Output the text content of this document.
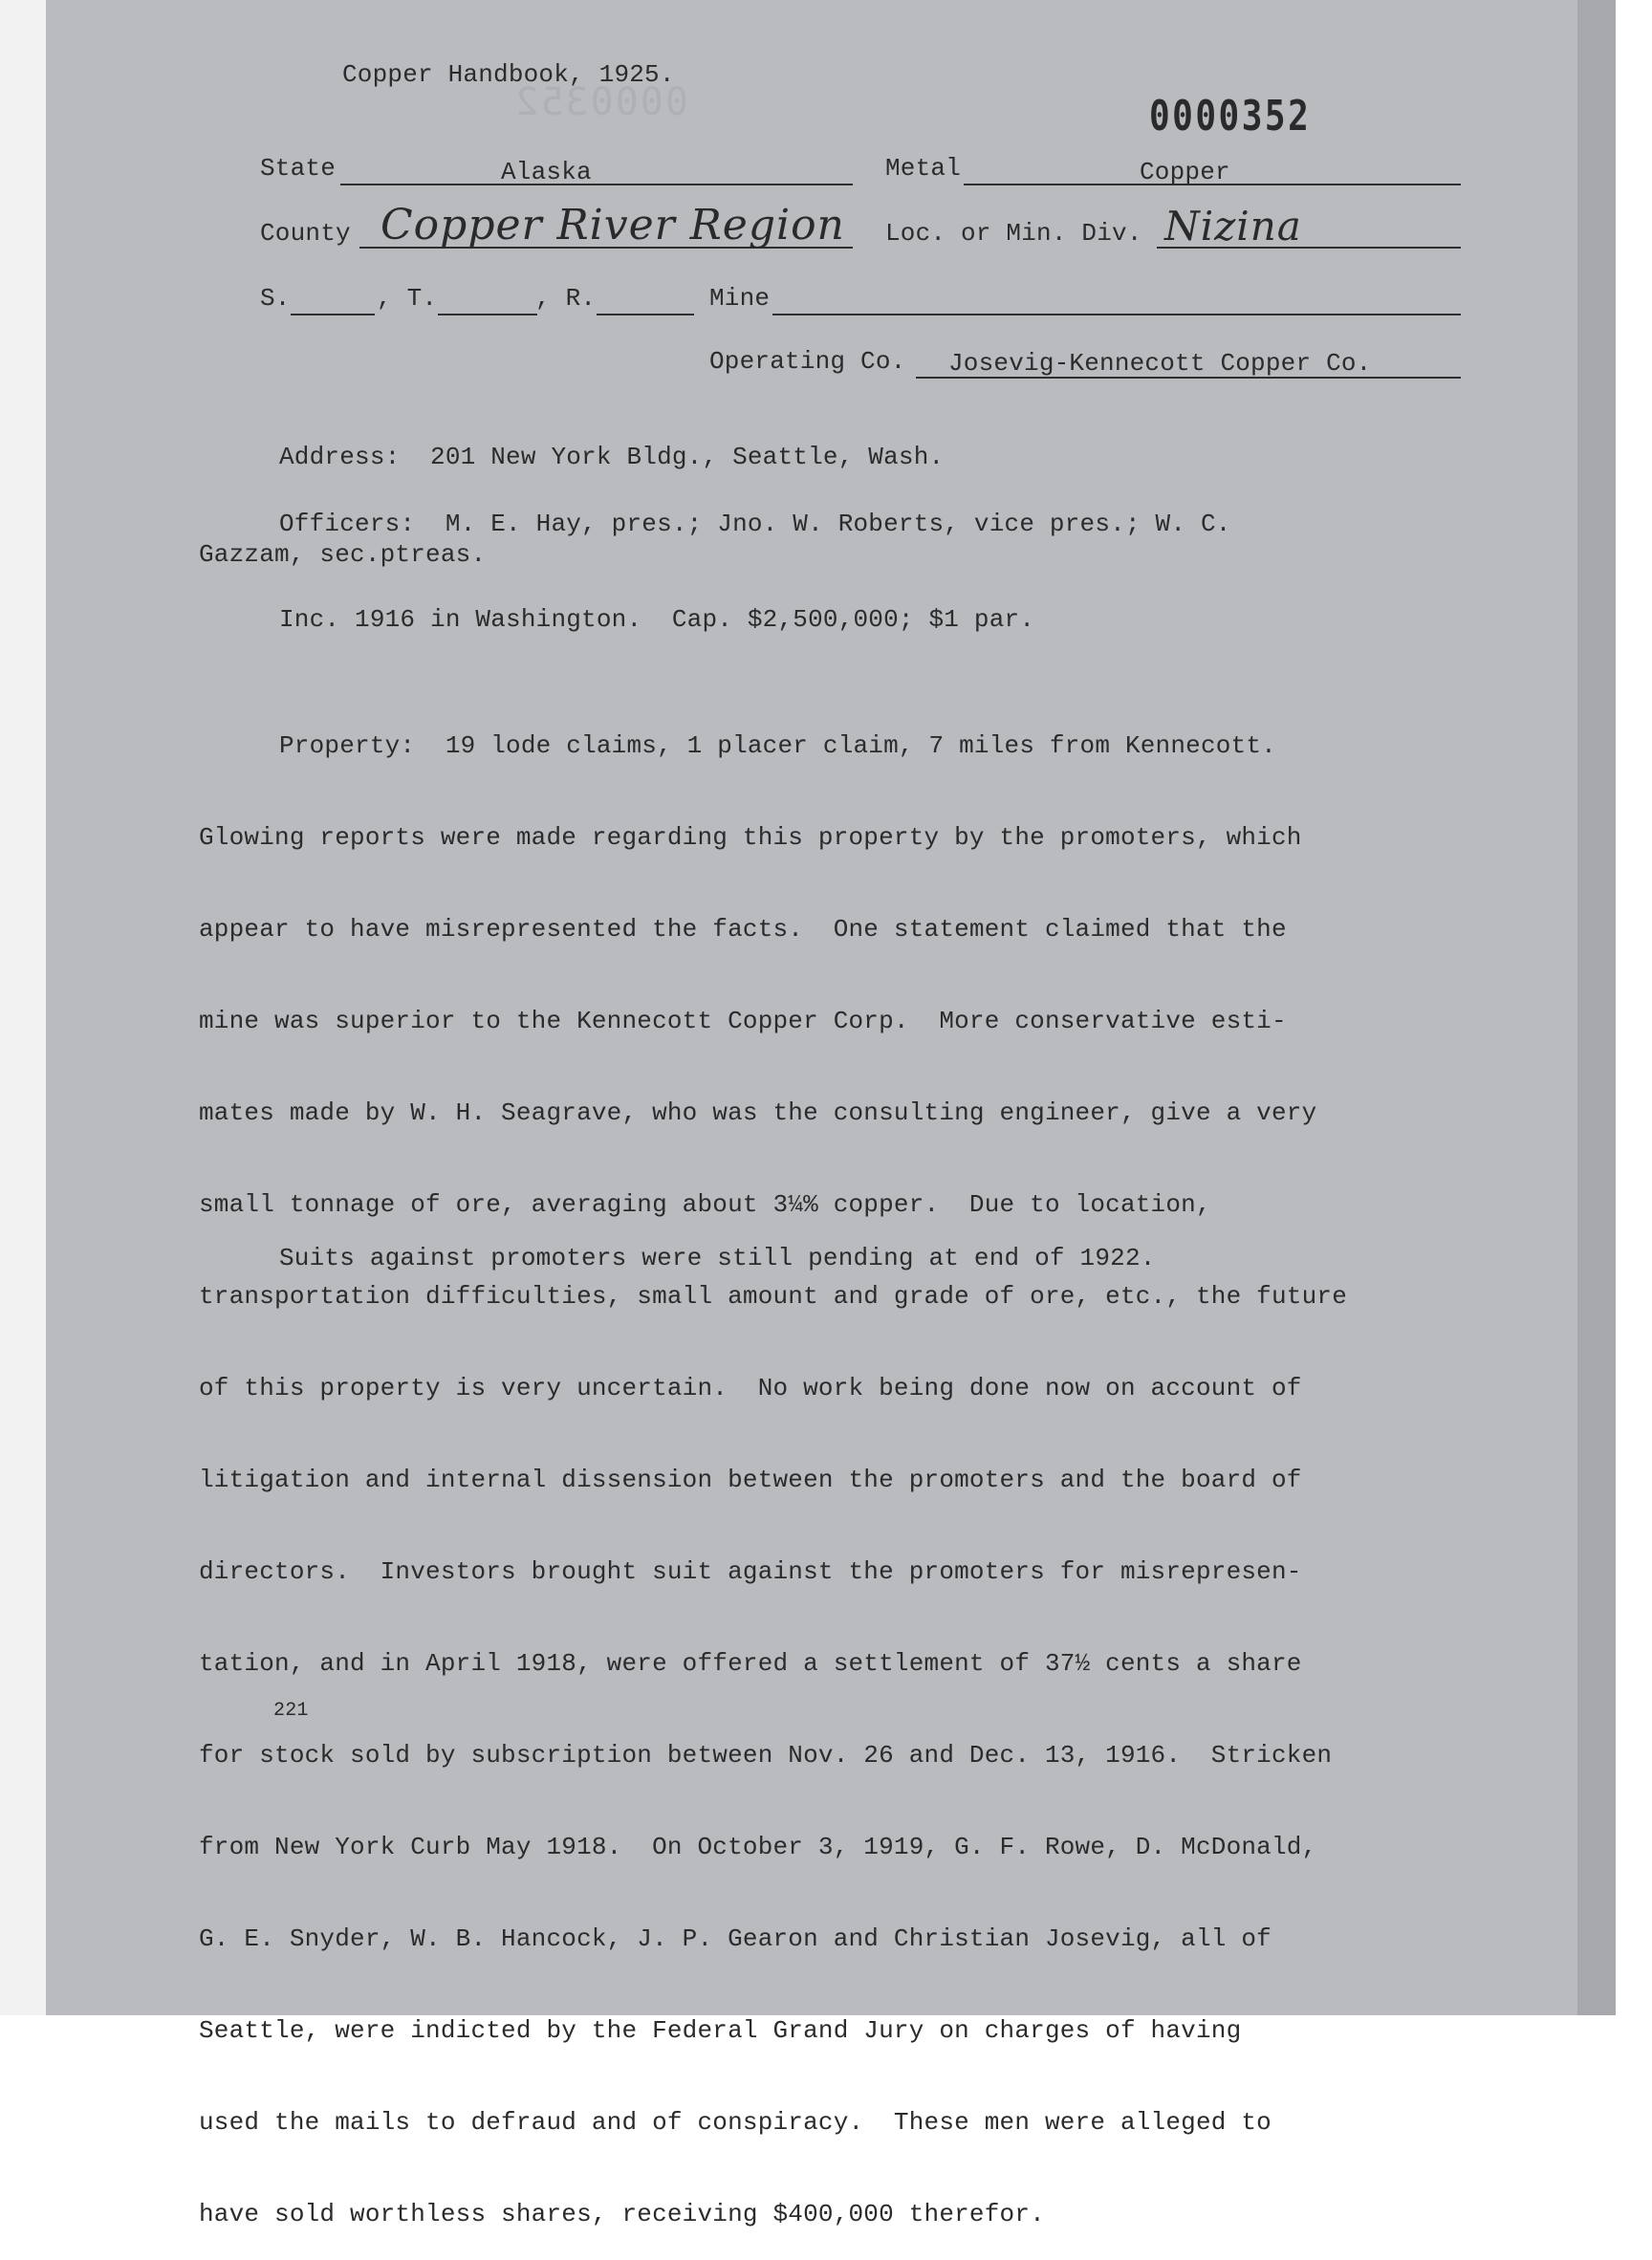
Copper Handbook, 1925.
0000352	0000352
State	Alaska	Metal	Copper
County Copper River Region Loc. or Min. Div. Nizina
S.	, T.	, R.	Mine
Operating Co. Josevig-Kennecott Copper Co.
Address:  201 New York Bldg., Seattle, Wash.
Officers:  M. E. Hay, pres.; Jno. W. Roberts, vice pres.; W. C.
Gazzam, sec.ptreas.
Inc. 1916 in Washington.  Cap. $2,500,000; $1 par.

Property:  19 lode claims, 1 placer claim, 7 miles from Kennecott.

Glowing reports were made regarding this property by the promoters, which

appear to have misrepresented the facts.  One statement claimed that the

mine was superior to the Kennecott Copper Corp.  More conservative esti-

mates made by W. H. Seagrave, who was the consulting engineer, give a very

small tonnage of ore, averaging about 3¼% copper.  Due to location,

transportation difficulties, small amount and grade of ore, etc., the future

of this property is very uncertain.  No work being done now on account of

litigation and internal dissension between the promoters and the board of

directors.  Investors brought suit against the promoters for misrepresen-

tation, and in April 1918, were offered a settlement of 37½ cents a share

for stock sold by subscription between Nov. 26 and Dec. 13, 1916.  Stricken

from New York Curb May 1918.  On October 3, 1919, G. F. Rowe, D. McDonald,

G. E. Snyder, W. B. Hancock, J. P. Gearon and Christian Josevig, all of

Seattle, were indicted by the Federal Grand Jury on charges of having

used the mails to defraud and of conspiracy.  These men were alleged to

have sold worthless shares, receiving $400,000 therefor.

Suits against promoters were still pending at end of 1922.
221
